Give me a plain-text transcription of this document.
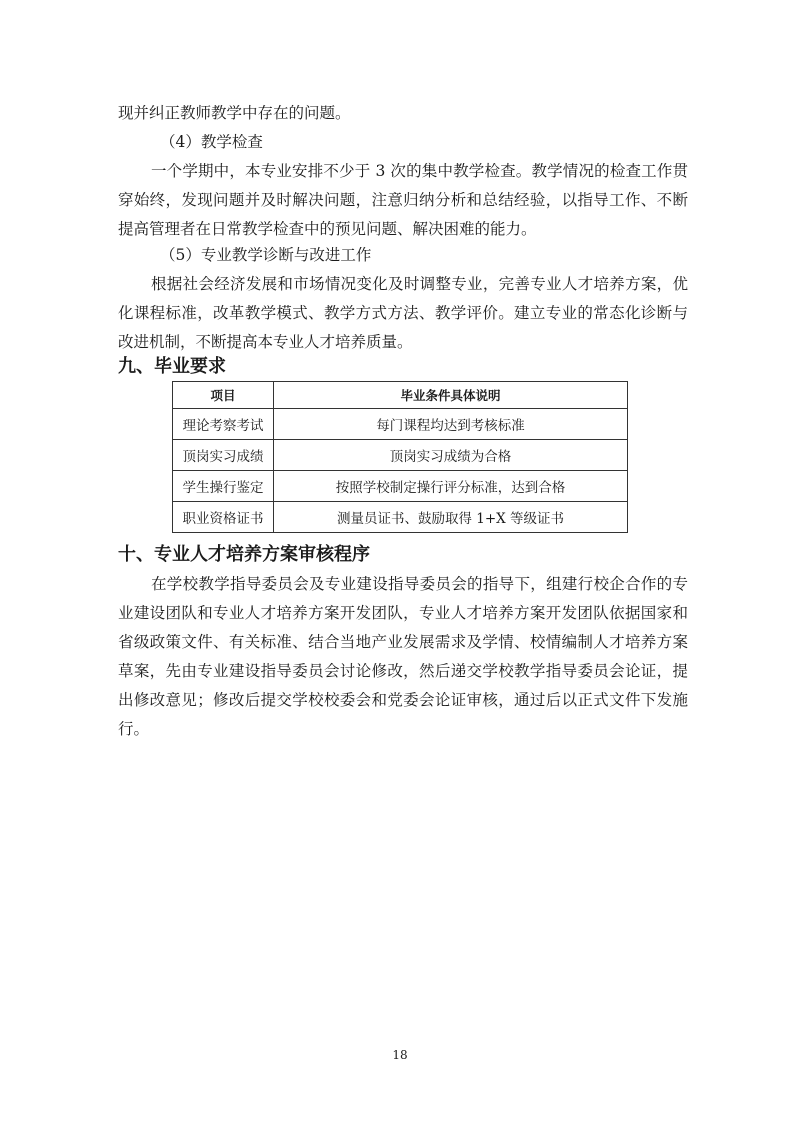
现并纠正教师教学中存在的问题。

（4）教学检查

一个学期中，本专业安排不少于 3 次的集中教学检查。教学情况的检查工作贯穿始终，发现问题并及时解决问题，注意归纳分析和总结经验，以指导工作、不断提高管理者在日常教学检查中的预见问题、解决困难的能力。

（5）专业教学诊断与改进工作

根据社会经济发展和市场情况变化及时调整专业，完善专业人才培养方案，优化课程标准，改革教学模式、教学方式方法、教学评价。建立专业的常态化诊断与改进机制，不断提高本专业人才培养质量。

九、毕业要求
项目	毕业条件具体说明
理论考察考试	每门课程均达到考核标准
顶岗实习成绩	顶岗实习成绩为合格
学生操行鉴定	按照学校制定操行评分标准，达到合格
职业资格证书	测量员证书、鼓励取得 1+X 等级证书
十、专业人才培养方案审核程序

在学校教学指导委员会及专业建设指导委员会的指导下，组建行校企合作的专业建设团队和专业人才培养方案开发团队，专业人才培养方案开发团队依据国家和省级政策文件、有关标准、结合当地产业发展需求及学情、校情编制人才培养方案草案，先由专业建设指导委员会讨论修改，然后递交学校教学指导委员会论证，提出修改意见；修改后提交学校校委会和党委会论证审核，通过后以正式文件下发施行。

18
